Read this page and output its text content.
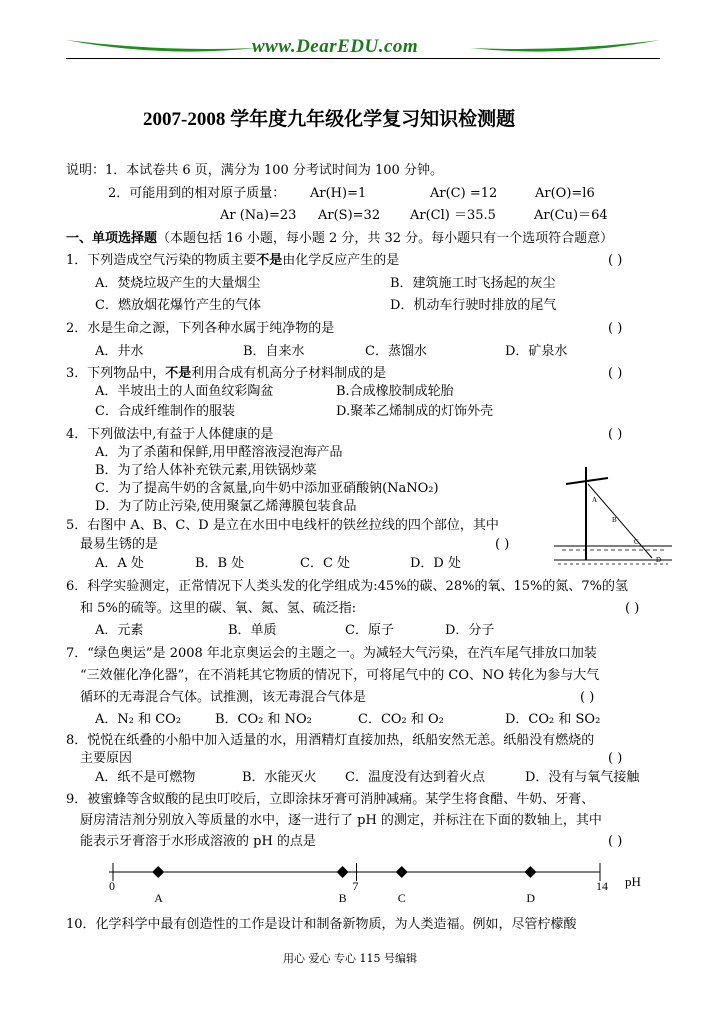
www.DearEDU.com
2007-2008 学年度九年级化学复习知识检测题
说明：1．本试卷共 6 页，满分为 100 分考试时间为 100 分钟。
2．可能用到的相对原子质量： Ar(H)=1	Ar(C) =12	Ar(O)=l6
Ar (Na)=23 Ar(S)=32 Ar(Cl) ＝35.5	Ar(Cu)＝64
一、单项选择题（本题包括 16 小题，每小题 2 分，共 32 分。每小题只有一个选项符合题意）
1．下列造成空气污染的物质主要不是由化学反应产生的是	( )
A．焚烧垃圾产生的大量烟尘	B．建筑施工时飞扬起的灰尘
C．燃放烟花爆竹产生的气体	D．机动车行驶时排放的尾气
2．水是生命之源，下列各种水属于纯净物的是	( )
A．井水	B．自来水	C．蒸馏水	D．矿泉水
3．下列物品中，不是利用合成有机高分子材料制成的是	( )
A．半坡出土的人面鱼纹彩陶盆	B.合成橡胶制成轮胎
C．合成纤维制作的服装	D.聚苯乙烯制成的灯饰外壳
4．下列做法中,有益于人体健康的是	( )
A．为了杀菌和保鲜,用甲醛溶液浸泡海产品
B．为了给人体补充铁元素,用铁锅炒菜
C．为了提高牛奶的含氮量,向牛奶中添加亚硝酸钠(NaNO₂)
D．为了防止污染,使用聚氯乙烯薄膜包装食品	A
B
C
D
5．右图中 A、B、C、D 是立在水田中电线杆的铁丝拉线的四个部位，其中
最易生锈的是	( )
A．A 处	B．B 处	C．C 处	D．D 处
6．科学实验测定，正常情况下人类头发的化学组成为:45%的碳、28%的氧、15%的氮、7%的氢
和 5%的硫等。这里的碳、氧、氮、氢、硫泛指:	( )
A．元素	B．单质	C．原子	D．分子
7．“绿色奥运”是 2008 年北京奥运会的主题之一。为减轻大气污染，在汽车尾气排放口加装
“三效催化净化器”，在不消耗其它物质的情况下，可将尾气中的 CO、NO 转化为参与大气
循环的无毒混合气体。试推测，该无毒混合气体是	( )
A．N₂ 和 CO₂	B．CO₂ 和 NO₂	C．CO₂ 和 O₂	D．CO₂ 和 SO₂
8．悦悦在纸叠的小船中加入适量的水，用酒精灯直接加热，纸船安然无恙。纸船没有燃烧的
主要原因	( )
A．纸不是可燃物	B．水能灭火 C．温度没有达到着火点	D．没有与氧气接触
9．被蜜蜂等含蚁酸的昆虫叮咬后，立即涂抹牙膏可消肿减痛。某学生将食醋、牛奶、牙膏、
厨房清洁剂分别放入等质量的水中，逐一进行了 pH 的测定，并标注在下面的数轴上，其中
能表示牙膏溶于水形成溶液的 pH 的点是	( )
0	7	14
A	B	C	D
pH
10．化学科学中最有创造性的工作是设计和制备新物质，为人类造福。例如，尽管柠檬酸
用心 爱心 专心 115 号编辑
